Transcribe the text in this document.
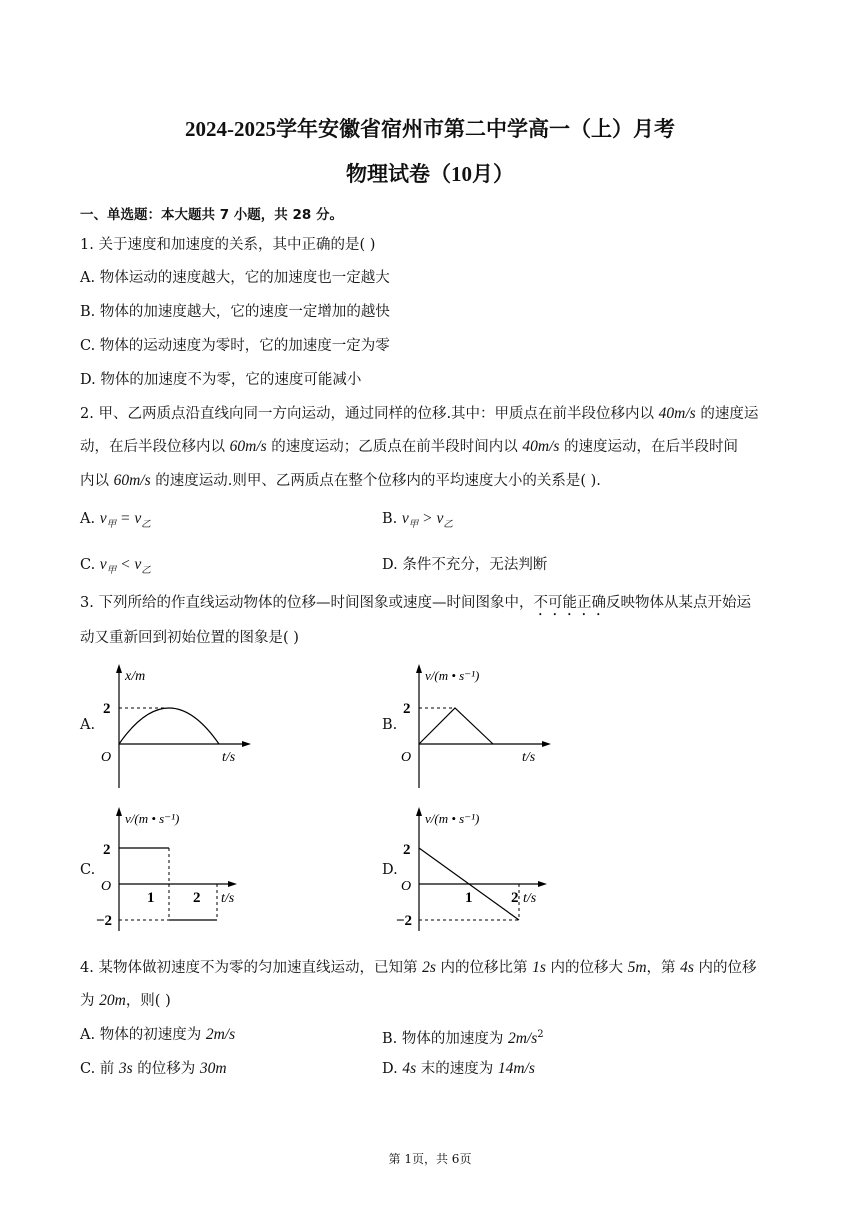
2024-2025学年安徽省宿州市第二中学高一（上）月考
物理试卷（10月）
一、单选题：本大题共 7 小题，共 28 分。
1. 关于速度和加速度的关系，其中正确的是( )
A. 物体运动的速度越大，它的加速度也一定越大
B. 物体的加速度越大，它的速度一定增加的越快
C. 物体的运动速度为零时，它的加速度一定为零
D. 物体的加速度不为零，它的速度可能减小
2. 甲、乙两质点沿直线向同一方向运动，通过同样的位移.其中：甲质点在前半段位移内以 40m/s 的速度运
动，在后半段位移内以 60m/s 的速度运动；乙质点在前半段时间内以 40m/s 的速度运动，在后半段时间
内以 60m/s 的速度运动.则甲、乙两质点在整个位移内的平均速度大小的关系是( ).
A. $v_甲 = v_乙$	B. $v_甲 > v_乙$
C. $v_甲 < v_乙$	D. 条件不充分，无法判断
3. 下列所给的作直线运动物体的位移—时间图象或速度—时间图象中，不可能正确反映物体从某点开始运
动又重新回到初始位置的图象是( )
A.	B.
C.	D.
x/m
2
O	t/s
v/(m • s⁻¹)
2
O	t/s
v/(m • s⁻¹)
2
O
−2
1	2 t/s
v/(m • s⁻¹)
2
O
−2
1	2 t/s
4. 某物体做初速度不为零的匀加速直线运动，已知第 2s 内的位移比第 1s 内的位移大 5m，第 4s 内的位移
为 20m，则( )
A. 物体的初速度为 2m/s	B. 物体的加速度为 $2m/s^2$
C. 前 3s 的位移为 30m	D. 4s 末的速度为 14m/s
第 1页，共 6页
